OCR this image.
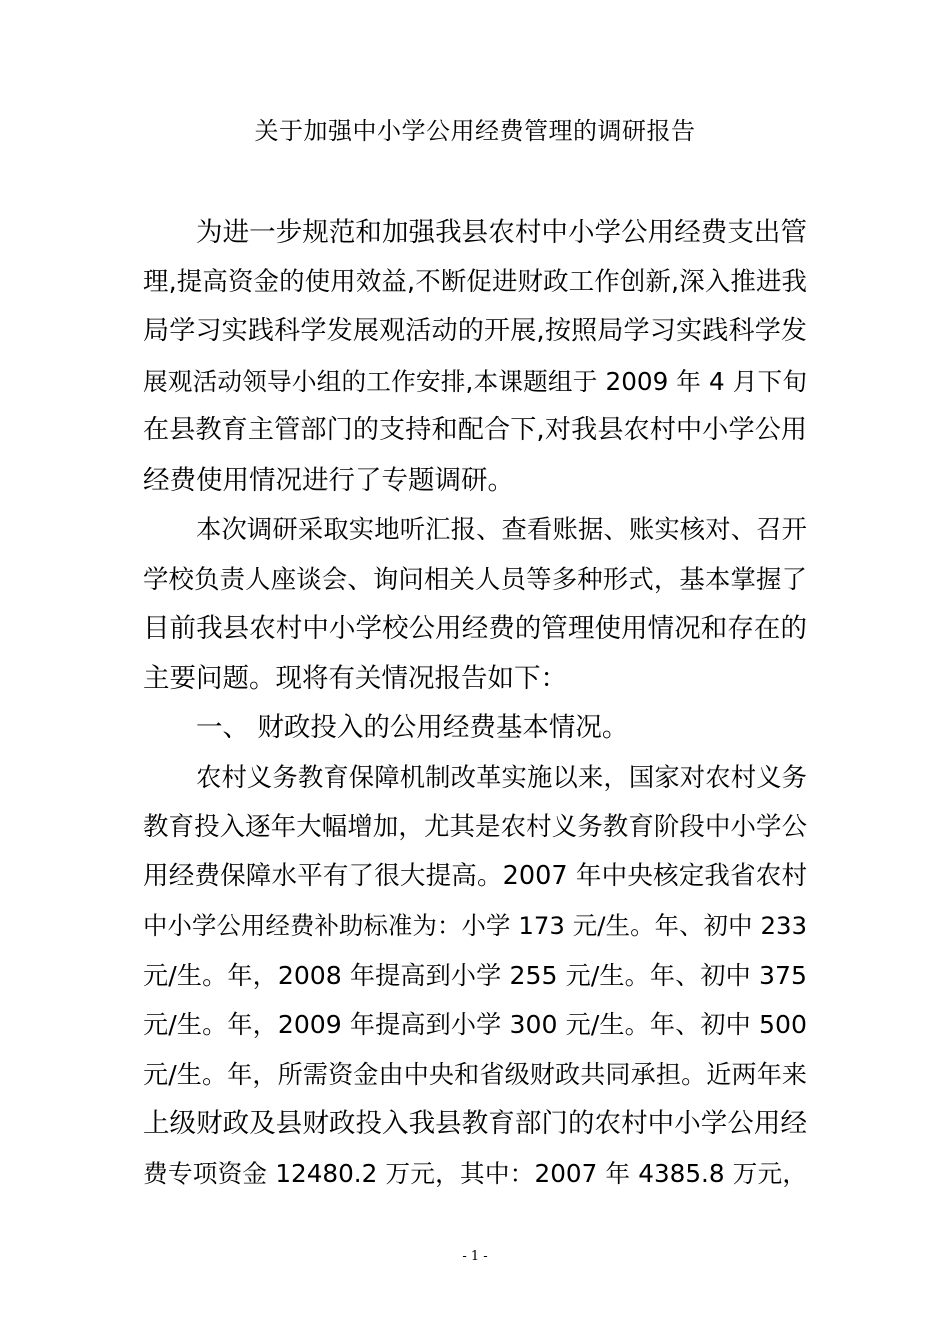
关于加强中小学公用经费管理的调研报告
为进一步规范和加强我县农村中小学公用经费支出管
理,提高资金的使用效益,不断促进财政工作创新,深入推进我
局学习实践科学发展观活动的开展,按照局学习实践科学发
展观活动领导小组的工作安排,本课题组于 2009 年 4 月下旬
在县教育主管部门的支持和配合下,对我县农村中小学公用
经费使用情况进行了专题调研。
本次调研采取实地听汇报、查看账据、账实核对、召开
学校负责人座谈会、询问相关人员等多种形式，基本掌握了
目前我县农村中小学校公用经费的管理使用情况和存在的
主要问题。现将有关情况报告如下：
一、 财政投入的公用经费基本情况。
农村义务教育保障机制改革实施以来，国家对农村义务
教育投入逐年大幅增加，尤其是农村义务教育阶段中小学公
用经费保障水平有了很大提高。2007 年中央核定我省农村
中小学公用经费补助标准为：小学 173 元/生。年、初中 233
元/生。年，2008 年提高到小学 255 元/生。年、初中 375
元/生。年，2009 年提高到小学 300 元/生。年、初中 500
元/生。年，所需资金由中央和省级财政共同承担。近两年来
上级财政及县财政投入我县教育部门的农村中小学公用经
费专项资金 12480.2 万元，其中：2007 年 4385.8 万元，
- 1 -
